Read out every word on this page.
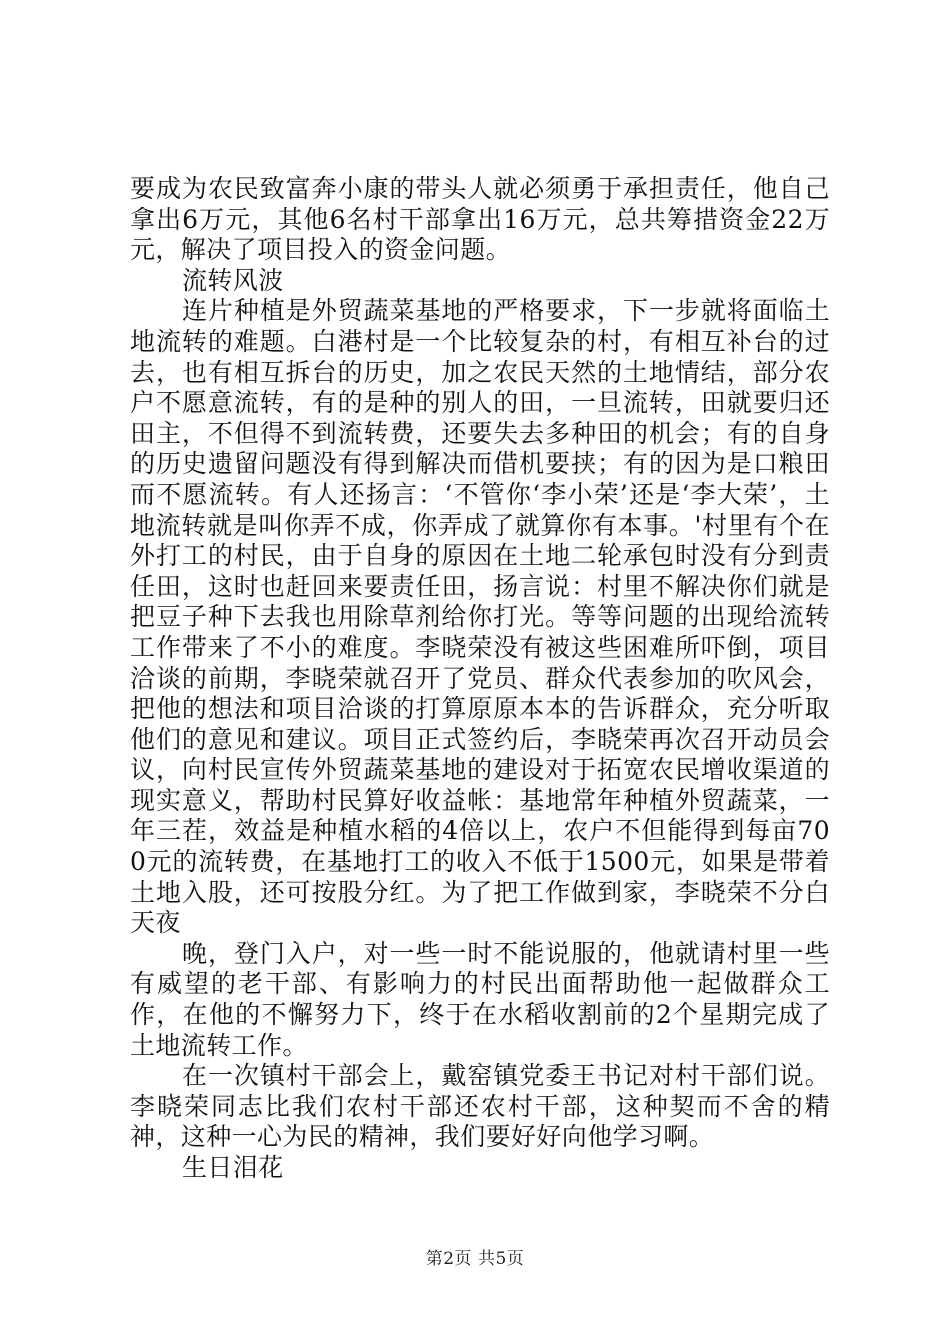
要成为农民致富奔小康的带头人就必须勇于承担责任，他自己拿出6万元，其他6名村干部拿出16万元，总共筹措资金22万元，解决了项目投入的资金问题。

流转风波

连片种植是外贸蔬菜基地的严格要求，下一步就将面临土地流转的难题。白港村是一个比较复杂的村，有相互补台的过去，也有相互拆台的历史，加之农民天然的土地情结，部分农户不愿意流转，有的是种的别人的田，一旦流转，田就要归还田主，不但得不到流转费，还要失去多种田的机会；有的自身的历史遗留问题没有得到解决而借机要挟；有的因为是口粮田而不愿流转。有人还扬言：‘不管你‘李小荣’还是‘李大荣’，土地流转就是叫你弄不成，你弄成了就算你有本事。'村里有个在外打工的村民，由于自身的原因在土地二轮承包时没有分到责任田，这时也赶回来要责任田，扬言说：村里不解决你们就是把豆子种下去我也用除草剂给你打光。等等问题的出现给流转工作带来了不小的难度。李晓荣没有被这些困难所吓倒，项目洽谈的前期，李晓荣就召开了党员、群众代表参加的吹风会，把他的想法和项目洽谈的打算原原本本的告诉群众，充分听取他们的意见和建议。项目正式签约后，李晓荣再次召开动员会议，向村民宣传外贸蔬菜基地的建设对于拓宽农民增收渠道的现实意义，帮助村民算好收益帐：基地常年种植外贸蔬菜，一年三茬，效益是种植水稻的4倍以上，农户不但能得到每亩700元的流转费，在基地打工的收入不低于1500元，如果是带着土地入股，还可按股分红。为了把工作做到家，李晓荣不分白天夜

晚，登门入户，对一些一时不能说服的，他就请村里一些有威望的老干部、有影响力的村民出面帮助他一起做群众工作，在他的不懈努力下，终于在水稻收割前的2个星期完成了土地流转工作。

在一次镇村干部会上，戴窑镇党委王书记对村干部们说。李晓荣同志比我们农村干部还农村干部，这种契而不舍的精神，这种一心为民的精神，我们要好好向他学习啊。

生日泪花

第2页 共5页
